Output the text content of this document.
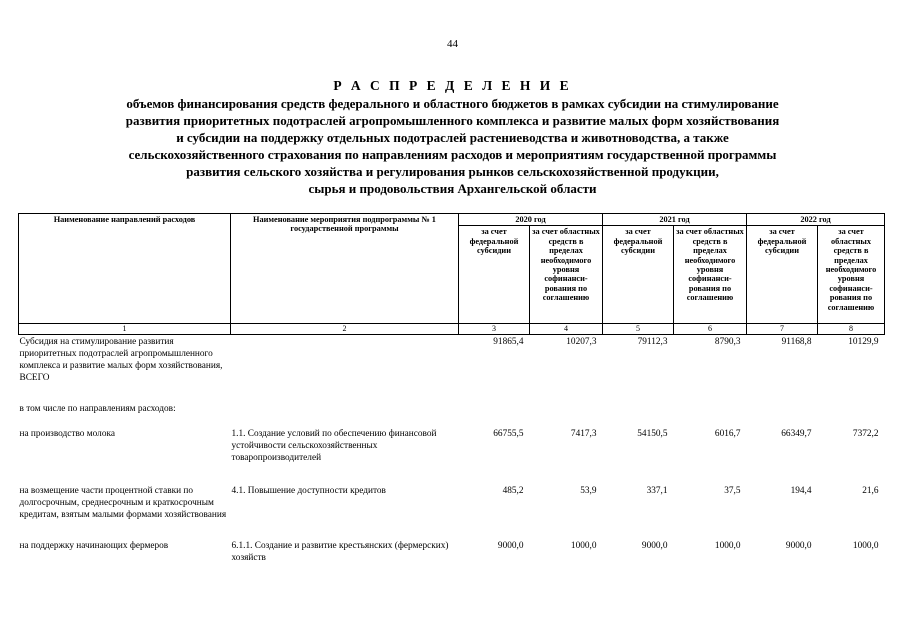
44
Р А С П Р Е Д Е Л Е Н И Е
объемов финансирования средств федерального и областного бюджетов в рамках субсидии на стимулирование
развития приоритетных подотраслей агропромышленного комплекса и развитие малых форм хозяйствования
и субсидии на поддержку отдельных подотраслей растениеводства и животноводства, а также
сельскохозяйственного страхования по направлениям расходов и мероприятиям государственной программы
развития сельского хозяйства и регулирования рынков сельскохозяйственной продукции,
сырья и продовольствия Архангельской области
Наименование направлений расходов	Наименование мероприятия подпрограммы № 1 государственной программы	2020 год		2021 год		2022 год	
		за счет федеральной субсидии	за счет областных средств в пределах необходимого уровня софинанси-рования по соглашению	за счет федеральной субсидии	за счет областных средств в пределах необходимого уровня софинанси-рования по соглашению	за счет федеральной субсидии	за счет областных средств в пределах необходимого уровня софинанси-рования по соглашению
1	2	3	4	5	6	7	8
Субсидия на стимулирование развития приоритетных подотраслей агропромышленного комплекса и развитие малых форм хозяйствования, ВСЕГО		91865,4	10207,3	79112,3	8790,3	91168,8	10129,9
в том числе по направлениям расходов:							
на производство молока	1.1. Создание условий по обеспечению финансовой устойчивости сельскохозяйственных товаропроизводителей	66755,5	7417,3	54150,5	6016,7	66349,7	7372,2
на возмещение части процентной ставки по долгосрочным, среднесрочным и краткосрочным кредитам, взятым малыми формами хозяйствования	4.1. Повышение доступности кредитов	485,2	53,9	337,1	37,5	194,4	21,6
на поддержку начинающих фермеров	6.1.1. Создание и развитие крестьянских (фермерских) хозяйств	9000,0	1000,0	9000,0	1000,0	9000,0	1000,0
